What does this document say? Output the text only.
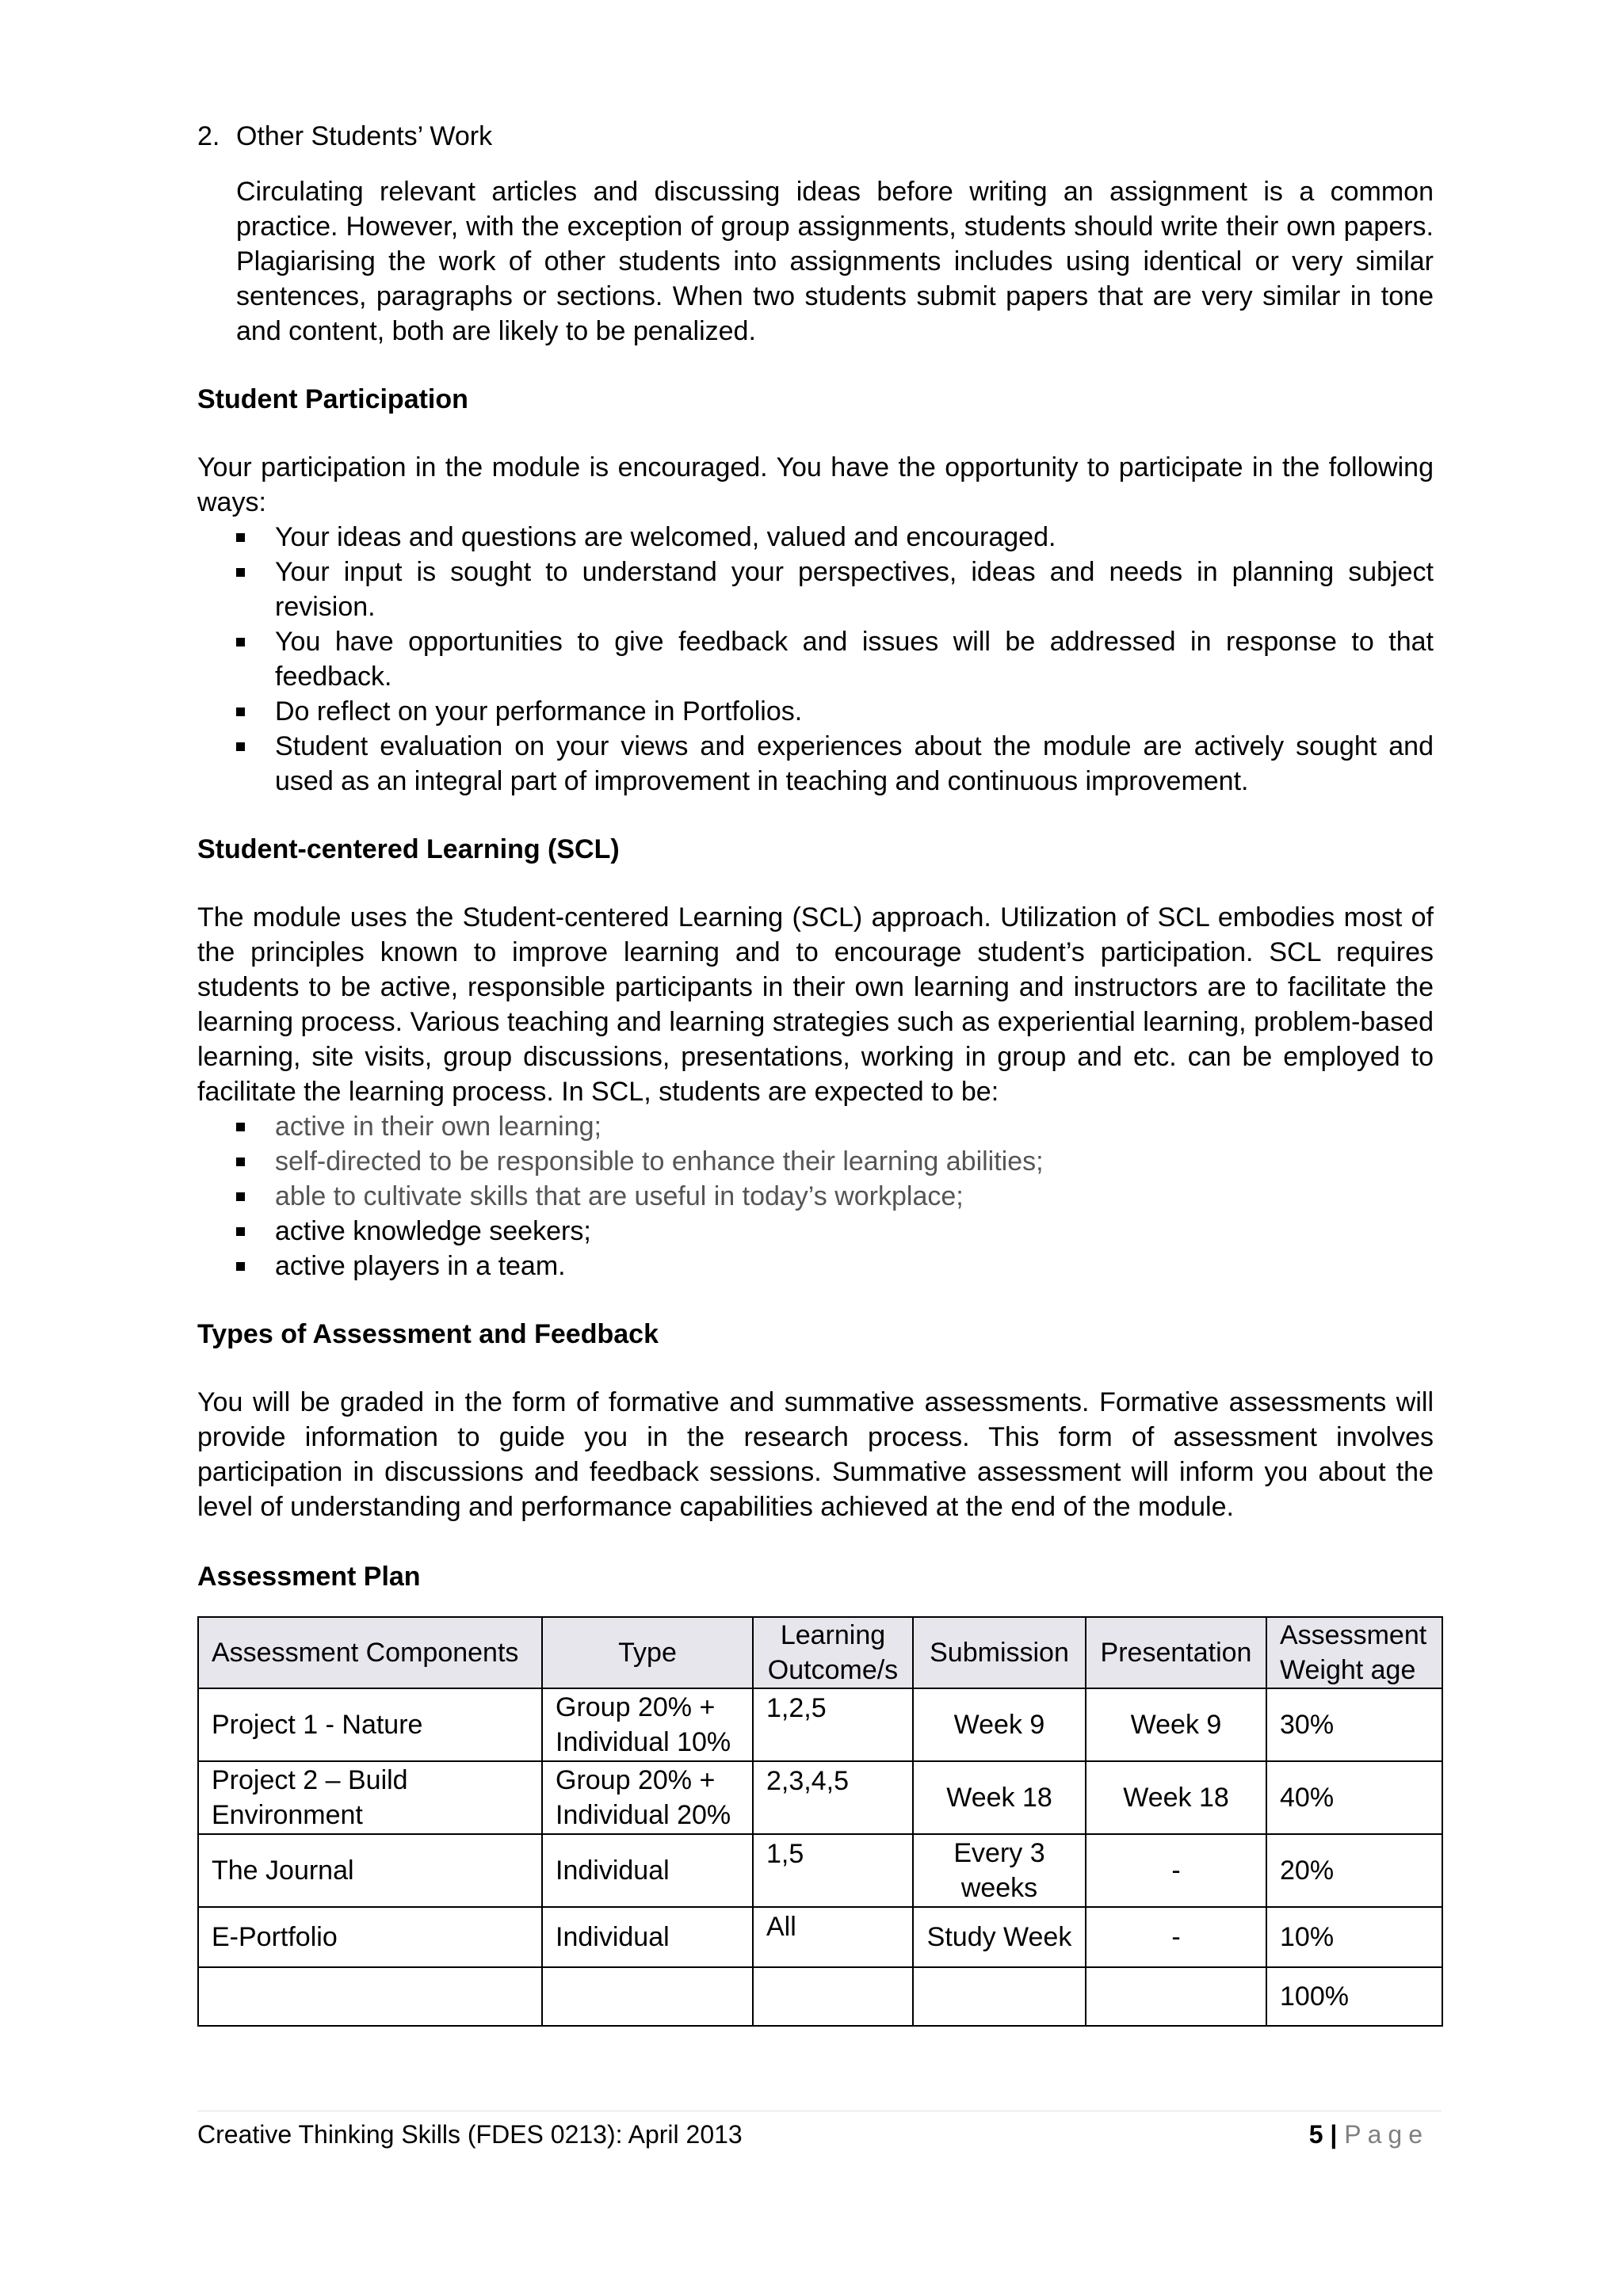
2. Other Students’ Work

Circulating relevant articles and discussing ideas before writing an assignment is a common practice. However, with the exception of group assignments, students should write their own papers. Plagiarising the work of other students into assignments includes using identical or very similar sentences, paragraphs or sections. When two students submit papers that are very similar in tone and content, both are likely to be penalized.

Student Participation

Your participation in the module is encouraged. You have the opportunity to participate in the following ways:

Your ideas and questions are welcomed, valued and encouraged.
Your input is sought to understand your perspectives, ideas and needs in planning subject revision.
You have opportunities to give feedback and issues will be addressed in response to that feedback.
Do reflect on your performance in Portfolios.
Student evaluation on your views and experiences about the module are actively sought and used as an integral part of improvement in teaching and continuous improvement.
Student-centered Learning (SCL)

The module uses the Student-centered Learning (SCL) approach. Utilization of SCL embodies most of the principles known to improve learning and to encourage student’s participation. SCL requires students to be active, responsible participants in their own learning and instructors are to facilitate the learning process. Various teaching and learning strategies such as experiential learning, problem-based learning, site visits, group discussions, presentations, working in group and etc. can be employed to facilitate the learning process. In SCL, students are expected to be:

active in their own learning;
self-directed to be responsible to enhance their learning abilities;
able to cultivate skills that are useful in today’s workplace;
active knowledge seekers;
active players in a team.
Types of Assessment and Feedback

You will be graded in the form of formative and summative assessments. Formative assessments will provide information to guide you in the research process. This form of assessment involves participation in discussions and feedback sessions. Summative assessment will inform you about the level of understanding and performance capabilities achieved at the end of the module.

Assessment Plan
Assessment Components	Type	Learning Outcome/s	Submission	Presentation	Assessment Weight age
Project 1 - Nature	Group 20% + Individual 10%	1,2,5	Week 9	Week 9	30%
Project 2 – Build Environment	Group 20% + Individual 20%	2,3,4,5	Week 18	Week 18	40%
The Journal	Individual	1,5	Every 3 weeks	-	20%
E-Portfolio	Individual	All	Study Week	-	10%
					100%
Creative Thinking Skills (FDES 0213): April 2013	5 | Page
